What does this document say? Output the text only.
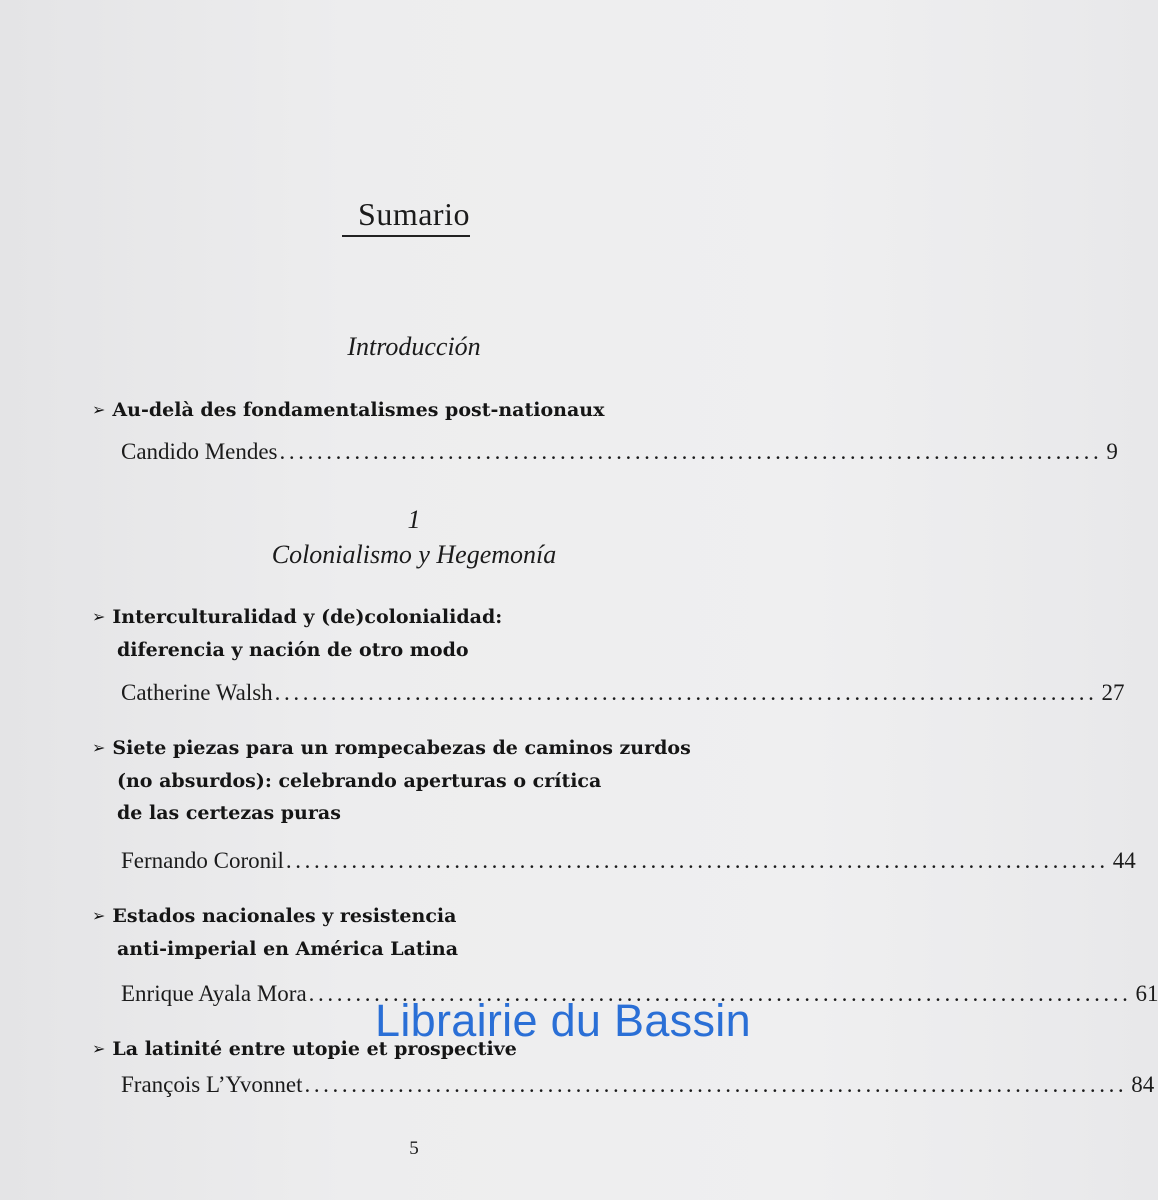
Sumario
Introducción
➢ Au-delà des fondamentalismes post-nationaux
Candido Mendes ........................................................................................ 9
1
Colonialismo y Hegemonía
➢ Interculturalidad y (de)colonialidad:
diferencia y nación de otro modo
Catherine Walsh ........................................................................................ 27
➢ Siete piezas para un rompecabezas de caminos zurdos
(no absurdos): celebrando aperturas o crítica
de las certezas puras
Fernando Coronil ........................................................................................ 44
➢ Estados nacionales y resistencia
anti-imperial en América Latina
Enrique Ayala Mora ........................................................................................ 61
➢ La latinité entre utopie et prospective
François L’Yvonnet ........................................................................................ 84
Librairie du Bassin
5
